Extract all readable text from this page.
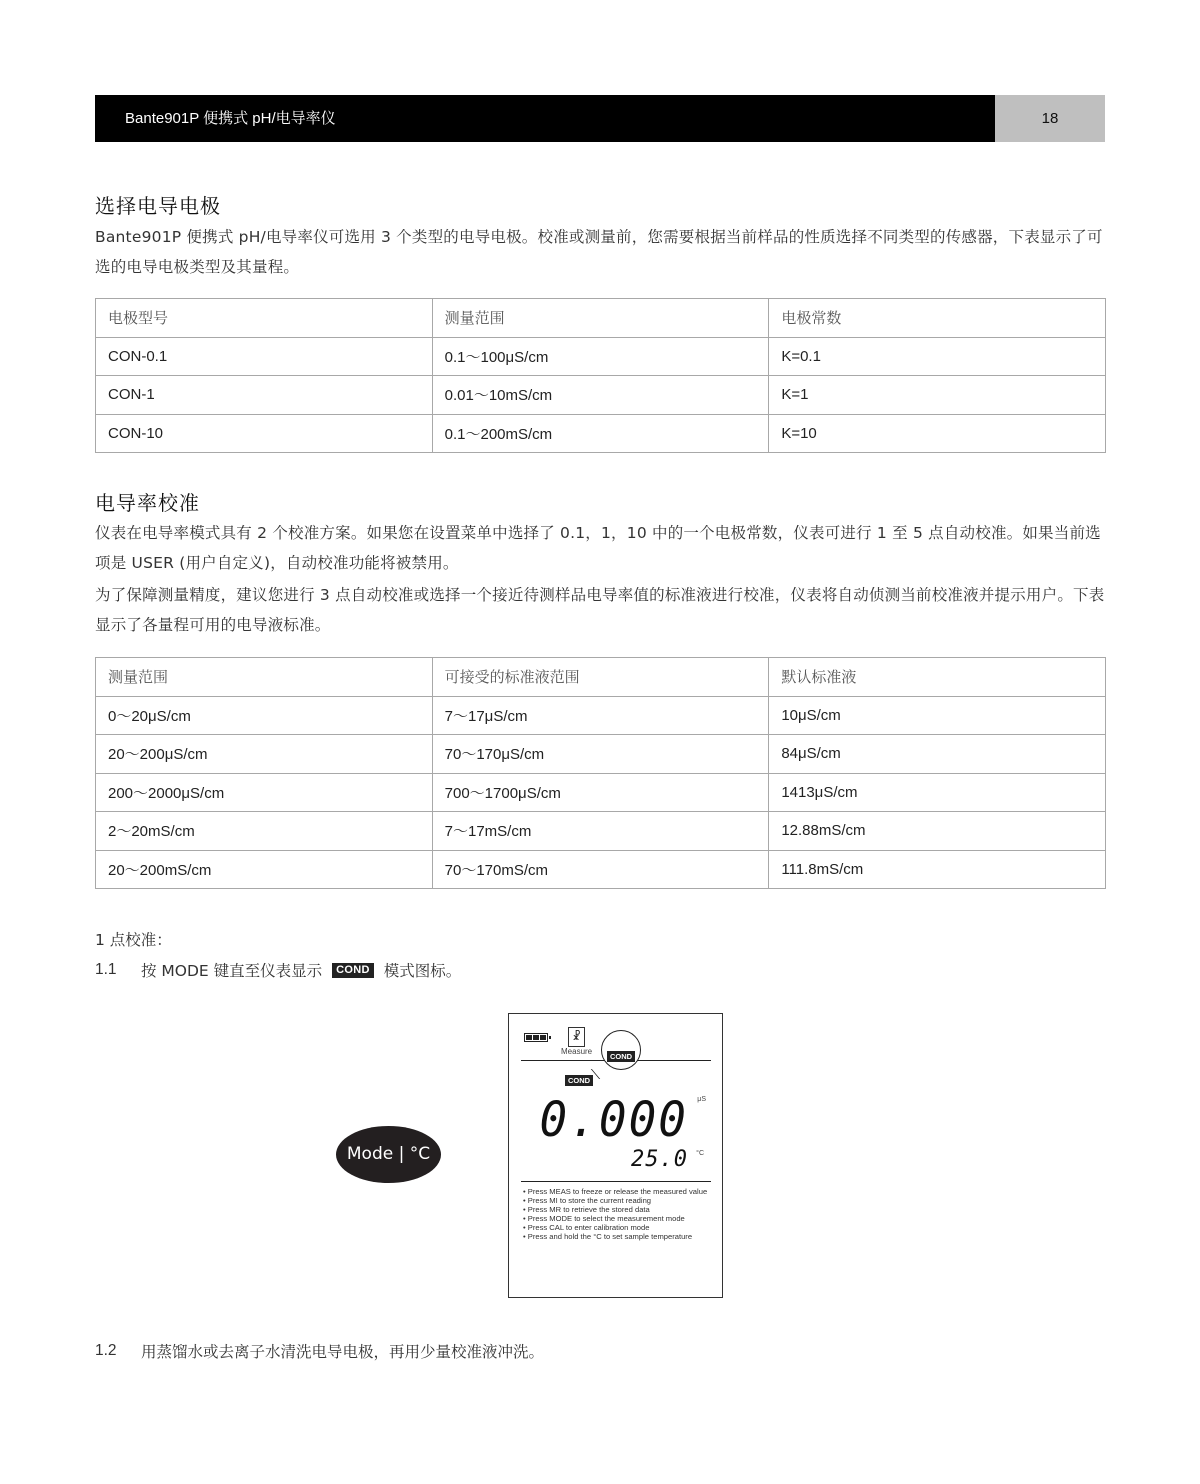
Bante901P 便携式 pH/电导率仪	18
选择电导电极

Bante901P 便携式 pH/电导率仪可选用 3 个类型的电导电极。校准或测量前，您需要根据当前样品的性质选择不同类型的传感器，下表显示了可选的电导电极类型及其量程。

电极型号	测量范围	电极常数
CON-0.1	0.1～100μS/cm	K=0.1
CON-1	0.01～10mS/cm	K=1
CON-10	0.1～200mS/cm	K=10
电导率校准

仪表在电导率模式具有 2 个校准方案。如果您在设置菜单中选择了 0.1，1，10 中的一个电极常数，仪表可进行 1 至 5 点自动校准。如果当前选项是 USER (用户自定义)，自动校准功能将被禁用。

为了保障测量精度，建议您进行 3 点自动校准或选择一个接近待测样品电导率值的标准液进行校准，仪表将自动侦测当前校准液并提示用户。下表显示了各量程可用的电导液标准。

测量范围	可接受的标准液范围	默认标准液
0～20μS/cm	7～17μS/cm	10μS/cm
20～200μS/cm	70～170μS/cm	84μS/cm
200～2000μS/cm	700～1700μS/cm	1413μS/cm
2～20mS/cm	7～17mS/cm	12.88mS/cm
20～200mS/cm	70～170mS/cm	111.8mS/cm
1 点校准：
1.1	按 MODE 键直至仪表显示	COND 模式图标。
Mode | °C
☧
Measure
COND
COND
0.000 μS
25.0 °C
• Press MEAS to freeze or release the measured value
• Press MI to store the current reading
• Press MR to retrieve the stored data
• Press MODE to select the measurement mode
• Press CAL to enter calibration mode
• Press and hold the °C to set sample temperature
1.2	用蒸馏水或去离子水清洗电导电极，再用少量校准液冲洗。
